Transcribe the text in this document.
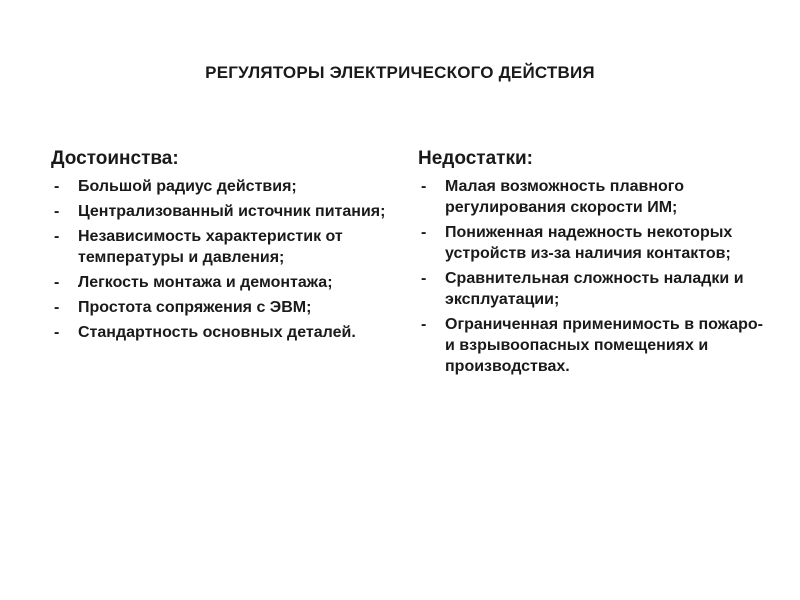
РЕГУЛЯТОРЫ ЭЛЕКТРИЧЕСКОГО ДЕЙСТВИЯ
Достоинства:
- Большой радиус действия;
- Централизованный источник питания;
- Независимость характеристик от температуры и давления;
- Легкость монтажа и демонтажа;
- Простота сопряжения с ЭВМ;
- Стандартность основных деталей.
Недостатки:
- Малая возможность плавного регулирования скорости ИМ;
- Пониженная надежность некоторых устройств из-за наличия контактов;
- Сравнительная сложность наладки и эксплуатации;
- Ограниченная применимость в пожаро- и взрывоопасных помещениях и производствах.
